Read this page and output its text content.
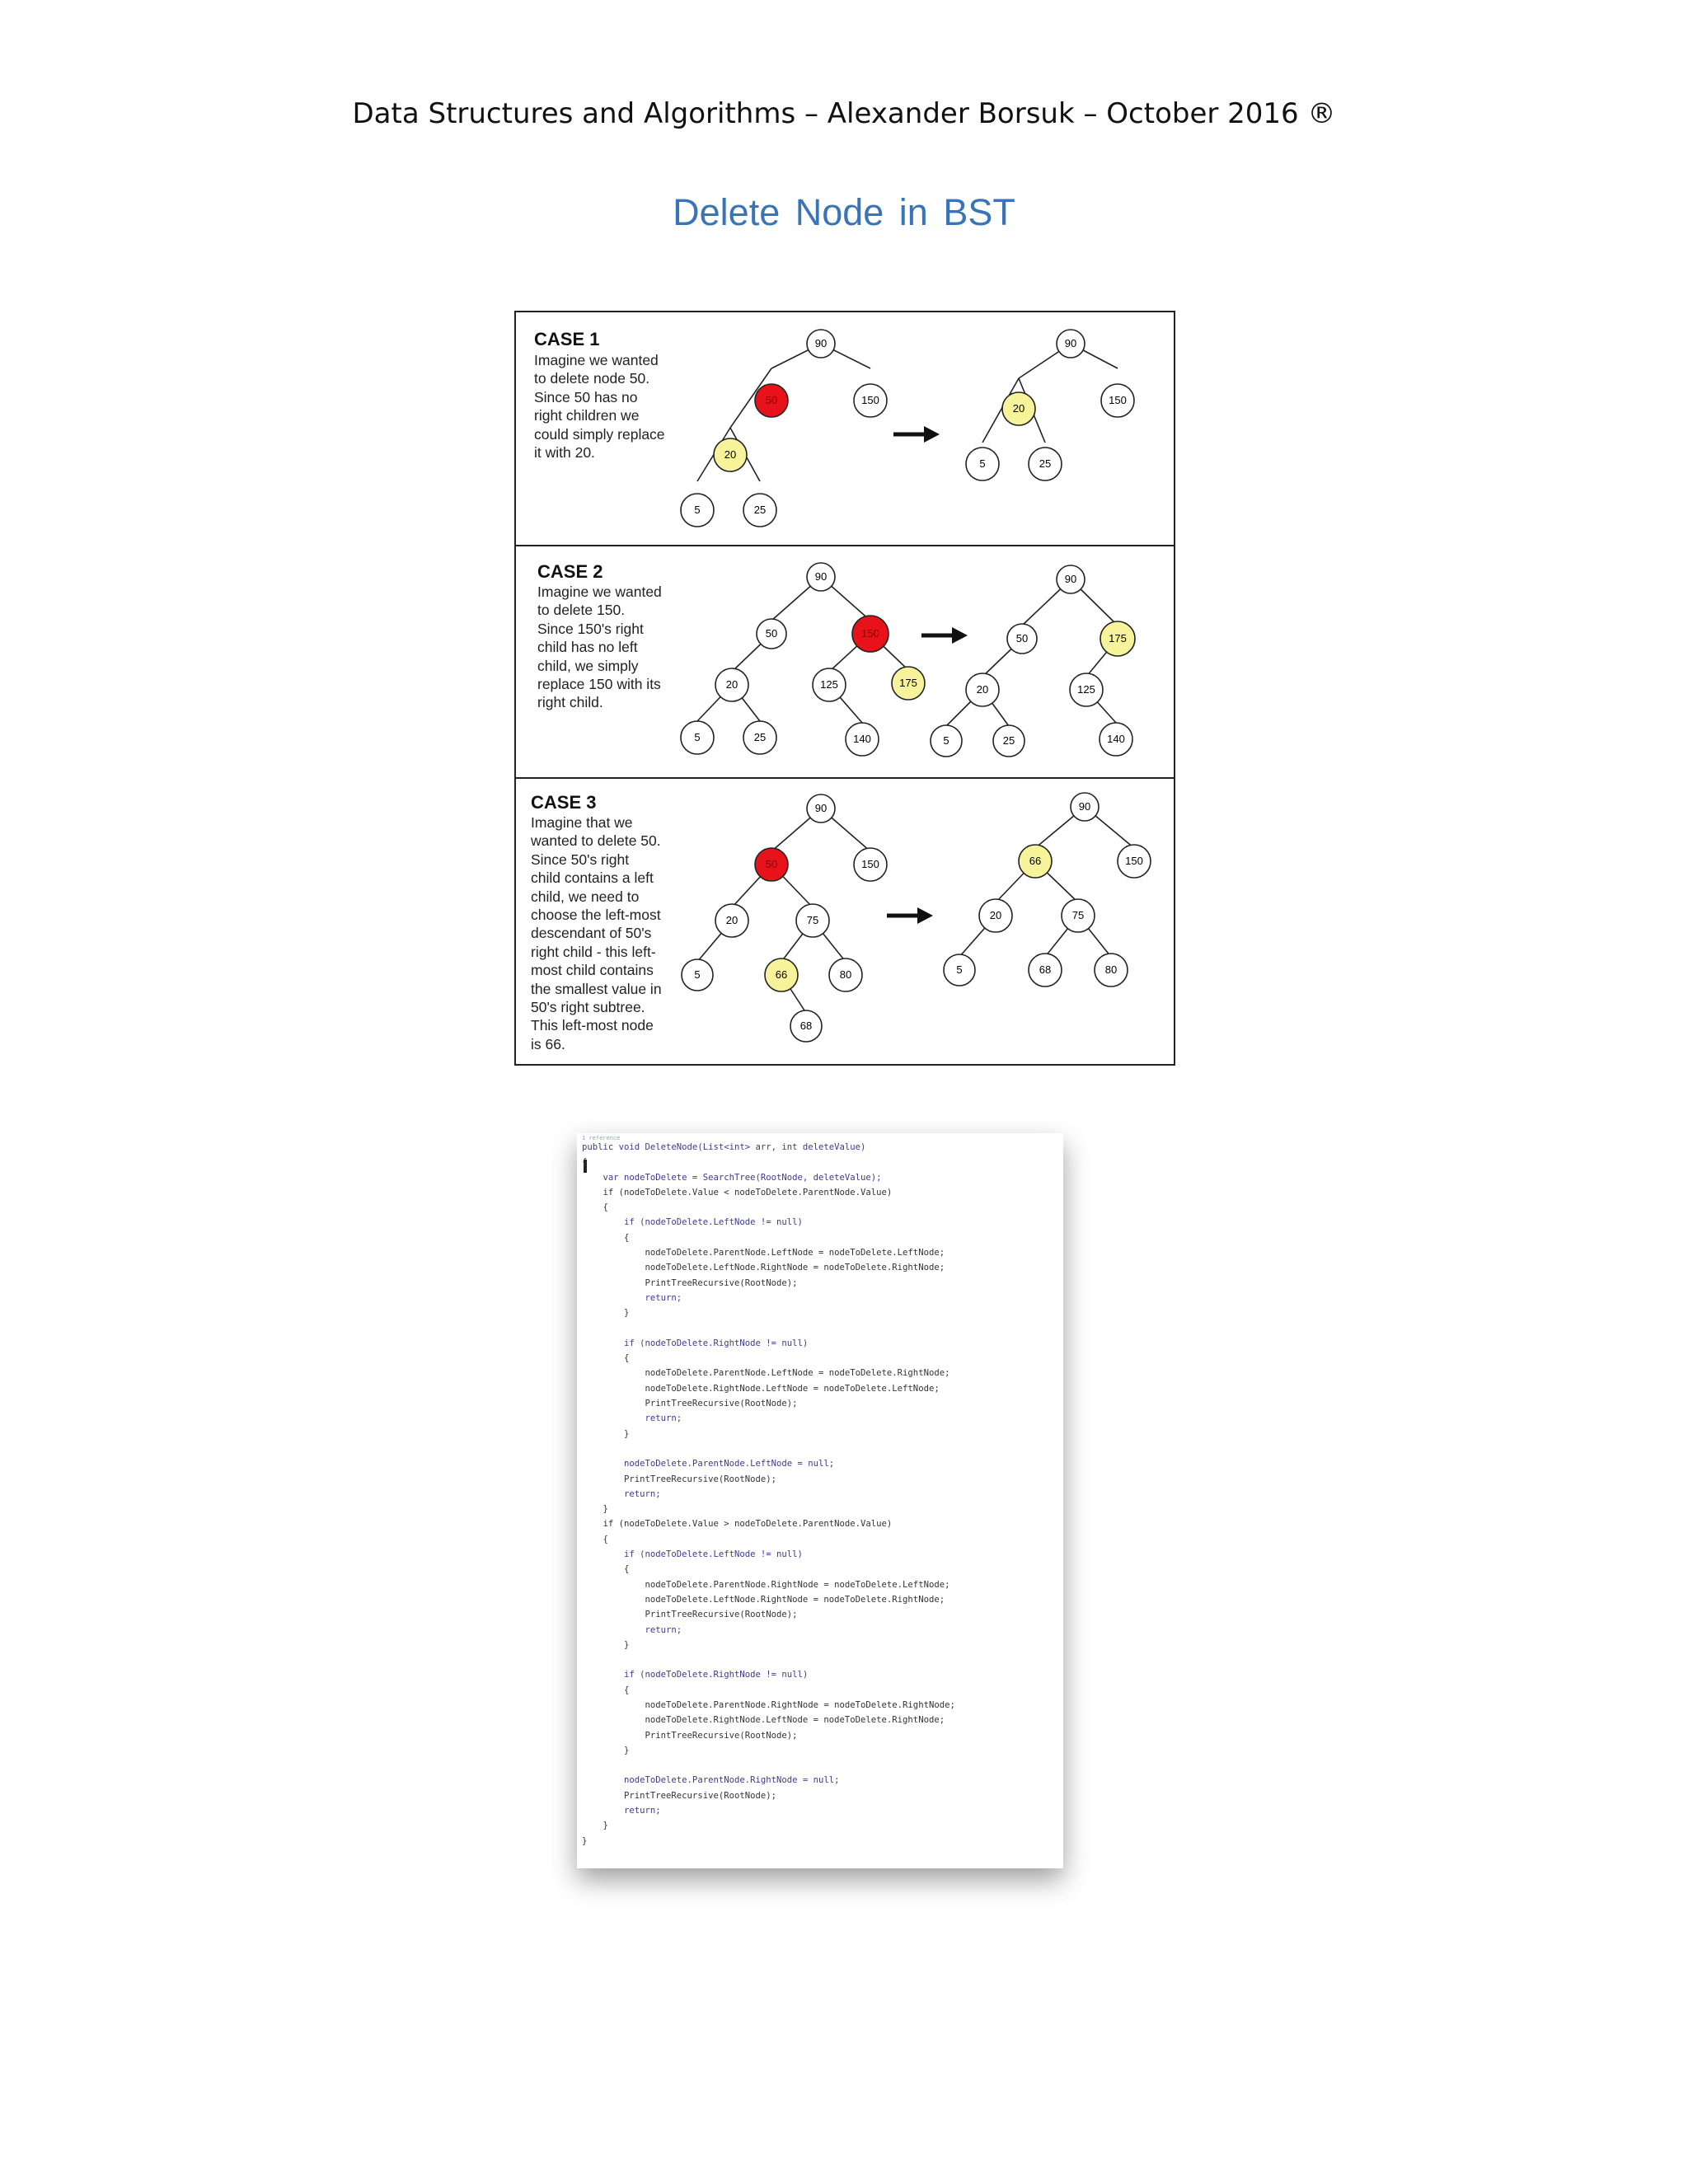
Data Structures and Algorithms – Alexander Borsuk – October 2016 ®
Delete Node in BST
CASE 1
Imagine we wanted
to delete node 50.
Since 50 has no
right children we
could simply replace
it with 20.
90
50	150
20
5	25
90
20
150
5	25
CASE 2
Imagine we wanted
to delete 150.
Since 150's right
child has no left
child, we simply
replace 150 with its
right child.
90
50	150
20	125	175
5	25	140
90
50	175
20	125
5	25	140
CASE 3
Imagine that we
wanted to delete 50.
Since 50's right
child contains a left
child, we need to
choose the left-most
descendant of 50's
right child - this left-
most child contains
the smallest value in
50's right subtree.
This left-most node
is 66.
90
50	150
20	75
5	66	80
68
90
66	150
20	75
5	68	80
1 reference
public void DeleteNode(List<int> arr, int deleteValue)
{
var nodeToDelete = SearchTree(RootNode, deleteValue);
if (nodeToDelete.Value < nodeToDelete.ParentNode.Value)
{
if (nodeToDelete.LeftNode != null)
{
nodeToDelete.ParentNode.LeftNode = nodeToDelete.LeftNode;
nodeToDelete.LeftNode.RightNode = nodeToDelete.RightNode;
PrintTreeRecursive(RootNode);
return;
}

if (nodeToDelete.RightNode != null)
{
nodeToDelete.ParentNode.LeftNode = nodeToDelete.RightNode;
nodeToDelete.RightNode.LeftNode = nodeToDelete.LeftNode;
PrintTreeRecursive(RootNode);
return;
}

nodeToDelete.ParentNode.LeftNode = null;
PrintTreeRecursive(RootNode);
return;
}
if (nodeToDelete.Value > nodeToDelete.ParentNode.Value)
{
if (nodeToDelete.LeftNode != null)
{
nodeToDelete.ParentNode.RightNode = nodeToDelete.LeftNode;
nodeToDelete.LeftNode.RightNode = nodeToDelete.RightNode;
PrintTreeRecursive(RootNode);
return;
}

if (nodeToDelete.RightNode != null)
{
nodeToDelete.ParentNode.RightNode = nodeToDelete.RightNode;
nodeToDelete.RightNode.LeftNode = nodeToDelete.RightNode;
PrintTreeRecursive(RootNode);
}

nodeToDelete.ParentNode.RightNode = null;
PrintTreeRecursive(RootNode);
return;
}
}
